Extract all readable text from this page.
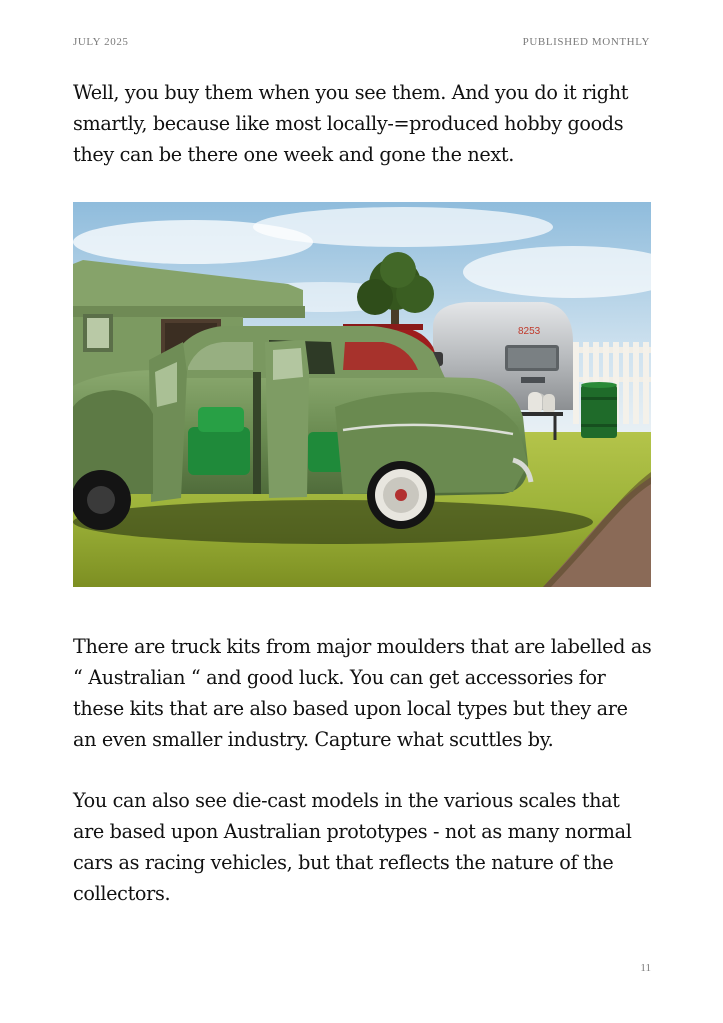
JULY 2025	PUBLISHED MONTHLY

Well, you buy them when you see them. And you do it right smartly, because like most locally-=produced hobby goods they can be there one week and gone the next.

8253

There are truck kits from major moulders that are labelled as “ Australian “ and good luck. You can get accessories for these kits that are also based upon local types but they are an even smaller industry. Capture what scuttles by.

You can also see die-cast models in the various scales that are based upon Australian prototypes - not as many normal cars as racing vehicles, but that reflects the nature of the collectors.

11
